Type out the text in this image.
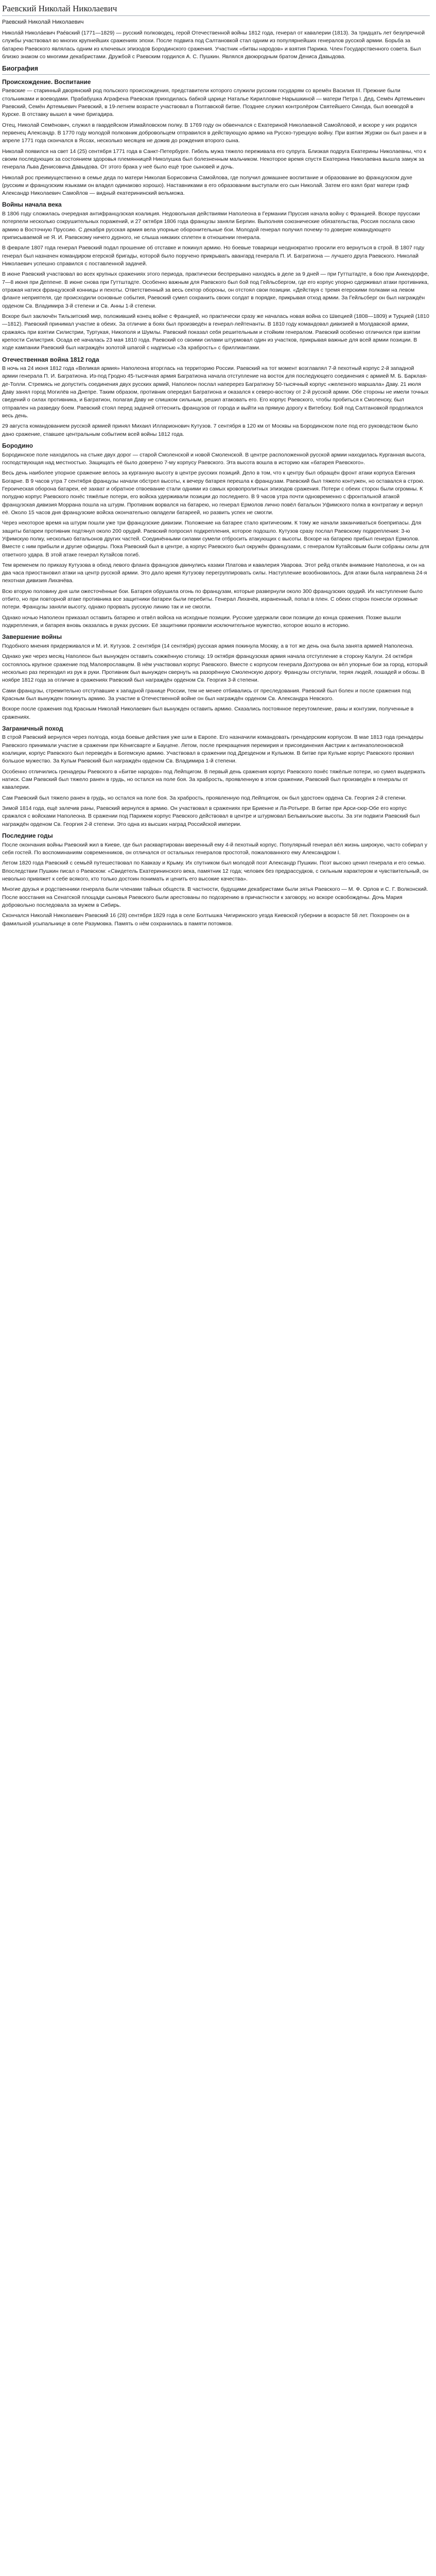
Раевский Николай Николаевич
Раевский Николай Николаевич

Никола́й Никола́евич Рае́вский (1771—1829) — русский полководец, герой Отечественной войны 1812 года, генерал от кавалерии (1813). За тридцать лет безупречной службы участвовал во многих крупнейших сражениях эпохи. После подвига под Салтановкой стал одним из популярнейших генералов русской армии. Борьба за батарею Раевского являлась одним из ключевых эпизодов Бородинского сражения. Участник «битвы народов» и взятия Парижа. Член Государственного совета. Был близко знаком со многими декабристами. Дружбой с Раевским гордился А. С. Пушкин. Являлся двоюродным братом Дениса Давыдова.

Биография
Происхождение. Воспитание

Раевские — старинный дворянский род польского происхождения, представители которого служили русским государям со времён Василия III. Прежние были стольниками и воеводами. Прабабушка Аграфена Раевская приходилась бабкой царице Наталье Кирилловне Нарышкиной — матери Петра I. Дед, Семён Артемьевич Раевский, Семён Артемьевич Раевский, в 19-летнем возрасте участвовал в Полтавской битве. Позднее служил контролёром Святейшего Синода, был воеводой в Курске. В отставку вышел в чине бригадира.

Отец, Николай Семёнович, служил в гвардейском Измайловском полку. В 1769 году он обвенчался с Екатериной Николаевной Самойловой, и вскоре у них родился первенец Александр. В 1770 году молодой полковник добровольцем отправился в действующую армию на Русско-турецкую войну. При взятии Журжи он был ранен и в апреле 1771 года скончался в Яссах, несколько месяцев не дожив до рождения второго сына.

Николай появился на свет 14 (25) сентября 1771 года в Санкт-Петербурге. Гибель мужа тяжело переживала его супруга. Близкая подруга Екатерины Николаевны, что к своим последующих за состоянием здоровья племянницей Николушка был болезненным мальчиком. Некоторое время спустя Екатерина Николаевна вышла замуж за генерала Льва Денисовича Давыдова. От этого брака у неё было ещё трое сыновей и дочь.

Николай рос преимущественно в семье деда по матери Николая Борисовича Самойлова, где получил домашнее воспитание и образование во французском духе (русским и французским языками он владел одинаково хорошо). Наставниками в его образовании выступали его сын Николай. Затем его взял брат матери граф Александр Николаевич Самойлов — видный екатерининский вельможа.

Войны начала века

В 1806 году сложилась очередная антифранцузская коалиция. Недовольная действиями Наполеона в Германии Пруссия начала войну с Францией. Вскоре пруссаки потерпели несколько сокрушительных поражений, и 27 октября 1806 года французы заняли Берлин. Выполняя союзнические обязательства, Россия послала свою армию в Восточную Пруссию. С декабря русская армия вела упорные оборонительные бои. Молодой генерал получил почему-то доверие командующего приписываемой не Я. И. Раевскому ничего дурного, не слыша никаких сплетен в отношении генерала.

В феврале 1807 года генерал Раевский подал прошение об отставке и покинул армию. Но боевые товарищи неоднократно просили его вернуться в строй. В 1807 году генерал был назначен командиром егерской бригады, которой было поручено прикрывать авангард генерала П. И. Багратиона — лучшего друга Раевского. Николай Николаевич успешно справился с поставленной задачей.

В июне Раевский участвовал во всех крупных сражениях этого периода, практически беспрерывно находясь в деле за 9 дней — при Гуттштадте, в бою при Анкендорфе, 7—8 июня при Деппене. В июне снова при Гуттштадте. Особенно важным для Раевского был бой под Гейльсбергом, где его корпус упорно сдерживал атаки противника, отражая натиск французской конницы и пехоты. Ответственный за весь сектор обороны, он отстоял свои позиции. «Действуя с тремя егерскими полками на левом фланге неприятеля, где происходили основные события, Раевский сумел сохранить своих солдат в порядке, прикрывая отход армии. За Гейльсберг он был награждён орденом Св. Владимира 3-й степени и Св. Анны 1-й степени.

Вскоре был заключён Тильзитский мир, положивший конец войне с Францией, но практически сразу же началась новая война со Швецией (1808—1809) и Турцией (1810—1812). Раевский принимал участие в обеих. За отличие в боях был произведён в генерал-лейтенанты. В 1810 году командовал дивизией в Молдавской армии, сражаясь при взятии Силистрии, Туртукая, Никополя и Шумлы. Раевский показал себя решительным и стойким генералом. Раевский особенно отличился при взятии крепости Силистрия. Осада её началась 23 мая 1810 года. Раевский со своими силами штурмовал один из участков, прикрывая важные для всей армии позиции. В ходе кампании Раевский был награждён золотой шпагой с надписью «За храбрость» с бриллиантами.

Отечественная война 1812 года

В ночь на 24 июня 1812 года «Великая армия» Наполеона вторглась на территорию России. Раевский на тот момент возглавлял 7-й пехотный корпус 2-й западной армии генерала П. И. Багратиона. Из-под Гродно 45-тысячная армия Багратиона начала отступление на восток для последующего соединения с армией М. Б. Барклая-де-Толли. Стремясь не допустить соединения двух русских армий, Наполеон послал наперерез Багратиону 50-тысячный корпус «железного маршала» Даву. 21 июля Даву занял город Могилёв на Днепре. Таким образом, противник опередил Багратиона и оказался к северо-востоку от 2-й русской армии. Обе стороны не имели точных сведений о силах противника, и Багратион, полагая Даву не слишком сильным, решил атаковать его. Его корпус Раевского, чтобы пробиться к Смоленску, был отправлен на разведку боем. Раевский стоял перед задачей оттеснить французов от города и выйти на прямую дорогу к Витебску. Бой под Салтановкой продолжался весь день.

29 августа командованием русской армией принял Михаил Илларионович Кутузов. 7 сентября в 120 км от Москвы на Бородинском поле под его руководством было дано сражение, ставшее центральным событием всей войны 1812 года.

Бородино

Бородинское поле находилось на стыке двух дорог — старой Смоленской и новой Смоленской. В центре расположенной русской армии находилась Курганная высота, господствующая над местностью. Защищать её было доверено 7-му корпусу Раевского. Эта высота вошла в историю как «батарея Раевского».

Весь день наиболее упорное сражение велось за курганную высоту в центре русских позиций. Дело в том, что к центру был обращён фронт атаки корпуса Евгения Богарне. В 9 часов утра 7 сентября французы начали обстрел высоты, к вечеру батарея перешла к французам. Раевский был тяжело контужен, но оставался в строю. Героическая оборона батареи, её захват и обратное отвоевание стали одними из самых кровопролитных эпизодов сражения. Потери с обеих сторон были огромны. К полудню корпус Раевского понёс тяжёлые потери, его войска удерживали позиции до последнего. В 9 часов утра почти одновременно с фронтальной атакой французская дивизия Моррана пошла на штурм. Противник ворвался на батарею, но генерал Ермолов лично повёл батальон Уфимского полка в контратаку и вернул её. Около 15 часов дня французские войска окончательно овладели батареей, но развить успех не смогли.

Через некоторое время на штурм пошли уже три французские дивизии. Положение на батарее стало критическим. К тому же начали заканчиваться боеприпасы. Для защиты батареи противник подтянул около 200 орудий. Раевский попросил подкрепления, которое подошло. Кутузов сразу послал Раевскому подкрепления: 3-ю Уфимскую полку, несколько батальонов других частей. Соединёнными силами сумели отбросить атакующих с высоты. Вскоре на батарею прибыл генерал Ермолов. Вместе с ним прибыли и другие офицеры. Пока Раевский был в центре, а корпус Раевского был окружён французами, с генералом Кутайсовым были собраны силы для ответного удара. В этой атаке генерал Кутайсов погиб.

Тем временем по приказу Кутузова в обход левого фланга французов двинулись казаки Платова и кавалерия Уварова. Этот рейд отвлёк внимание Наполеона, и он на два часа приостановил атаки на центр русской армии. Это дало время Кутузову перегруппировать силы. Наступление возобновилось. Для атаки была направлена 24-я пехотная дивизия Лихачёва.

Всю вторую половину дня шли ожесточённые бои. Батарея обрушила огонь по французам, которые развернули около 300 французских орудий. Их наступление было отбито, но при повторной атаке противника все защитники батареи были перебиты. Генерал Лихачёв, израненный, попал в плен. С обеих сторон понесли огромные потери. Французы заняли высоту, однако прорвать русскую линию так и не смогли.

Однако ночью Наполеон приказал оставить батарею и отвёл войска на исходные позиции. Русские удержали свои позиции до конца сражения. Позже вышли подкрепления, и батарея вновь оказалась в руках русских. Её защитники проявили исключительное мужество, которое вошло в историю.

Завершение войны

Подобного мнения придерживался и М. И. Кутузов. 2 сентября (14 сентября) русская армия покинула Москву, а в тот же день она была занята армией Наполеона.

Однако уже через месяц Наполеон был вынужден оставить сожжённую столицу. 19 октября французская армия начала отступление в сторону Калуги. 24 октября состоялось крупное сражение под Малоярославцем. В нём участвовал корпус Раевского. Вместе с корпусом генерала Дохтурова он вёл упорные бои за город, который несколько раз переходил из рук в руки. Противник был вынужден свернуть на разорённую Смоленскую дорогу. Французы отступали, теряя людей, лошадей и обозы. В ноябре 1812 года за отличие в сражениях Раевский был награждён орденом Св. Георгия 3-й степени.

Сами французы, стремительно отступавшие к западной границе России, тем не менее отбивались от преследования. Раевский был болен и после сражения под Красным был вынужден покинуть армию. За участие в Отечественной войне он был награждён орденом Св. Александра Невского.

Вскоре после сражения под Красным Николай Николаевич был вынужден оставить армию. Сказались постоянное переутомление, раны и контузии, полученные в сражениях.

Заграничный поход

В строй Раевский вернулся через полгода, когда боевые действия уже шли в Европе. Его назначили командовать гренадерским корпусом. В мае 1813 года гренадеры Раевского принимали участие в сражении при Кёнигсварте и Бауцене. Летом, после прекращения перемирия и присоединения Австрии к антинаполеоновской коалиции, корпус Раевского был переведён в Богемскую армию. Участвовал в сражении под Дрезденом и Кульмом. В битве при Кульме корпус Раевского проявил большое мужество. За Кульм Раевский был награждён орденом Св. Владимира 1-й степени.

Особенно отличились гренадеры Раевского в «Битве народов» под Лейпцигом. В первый день сражения корпус Раевского понёс тяжёлые потери, но сумел выдержать натиск. Сам Раевский был тяжело ранен в грудь, но остался на поле боя. За храбрость, проявленную в этом сражении, Раевский был произведён в генералы от кавалерии.

Сам Раевский был тяжело ранен в грудь, но остался на поле боя. За храбрость, проявленную под Лейпцигом, он был удостоен ордена Св. Георгия 2-й степени.

Зимой 1814 года, ещё залечив раны, Раевский вернулся в армию. Он участвовал в сражениях при Бриенне и Ла-Ротьере. В битве при Арси-сюр-Обе его корпус сражался с войсками Наполеона. В сражении под Парижем корпус Раевского действовал в центре и штурмовал Бельвильские высоты. За эти подвиги Раевский был награждён орденом Св. Георгия 2-й степени. Это одна из высших наград Российской империи.

Последние годы

После окончания войны Раевский жил в Киеве, где был расквартирован вверенный ему 4-й пехотный корпус. Популярный генерал вёл жизнь широкую, часто собирал у себя гостей. По воспоминаниям современников, он отличался от остальных генералов простотой, пожалованного ему Александром I.

Летом 1820 года Раевский с семьёй путешествовал по Кавказу и Крыму. Их спутником был молодой поэт Александр Пушкин. Поэт высоко ценил генерала и его семью. Впоследствии Пушкин писал о Раевском: «Свидетель Екатерининского века, памятник 12 года; человек без предрассудков, с сильным характером и чувствительный, он невольно привяжет к себе всякого, кто только достоин понимать и ценить его высокие качества».

Многие друзья и родственники генерала были членами тайных обществ. В частности, будущими декабристами были зятья Раевского — М. Ф. Орлов и С. Г. Волконский. После восстания на Сенатской площади сыновья Раевского были арестованы по подозрению в причастности к заговору, но вскоре освобождены. Дочь Мария добровольно последовала за мужем в Сибирь.

Скончался Николай Николаевич Раевский 16 (28) сентября 1829 года в селе Болтышка Чигиринского уезда Киевской губернии в возрасте 58 лет. Похоронен он в фамильной усыпальнице в селе Разумовка. Память о нём сохранилась в памяти потомков.
